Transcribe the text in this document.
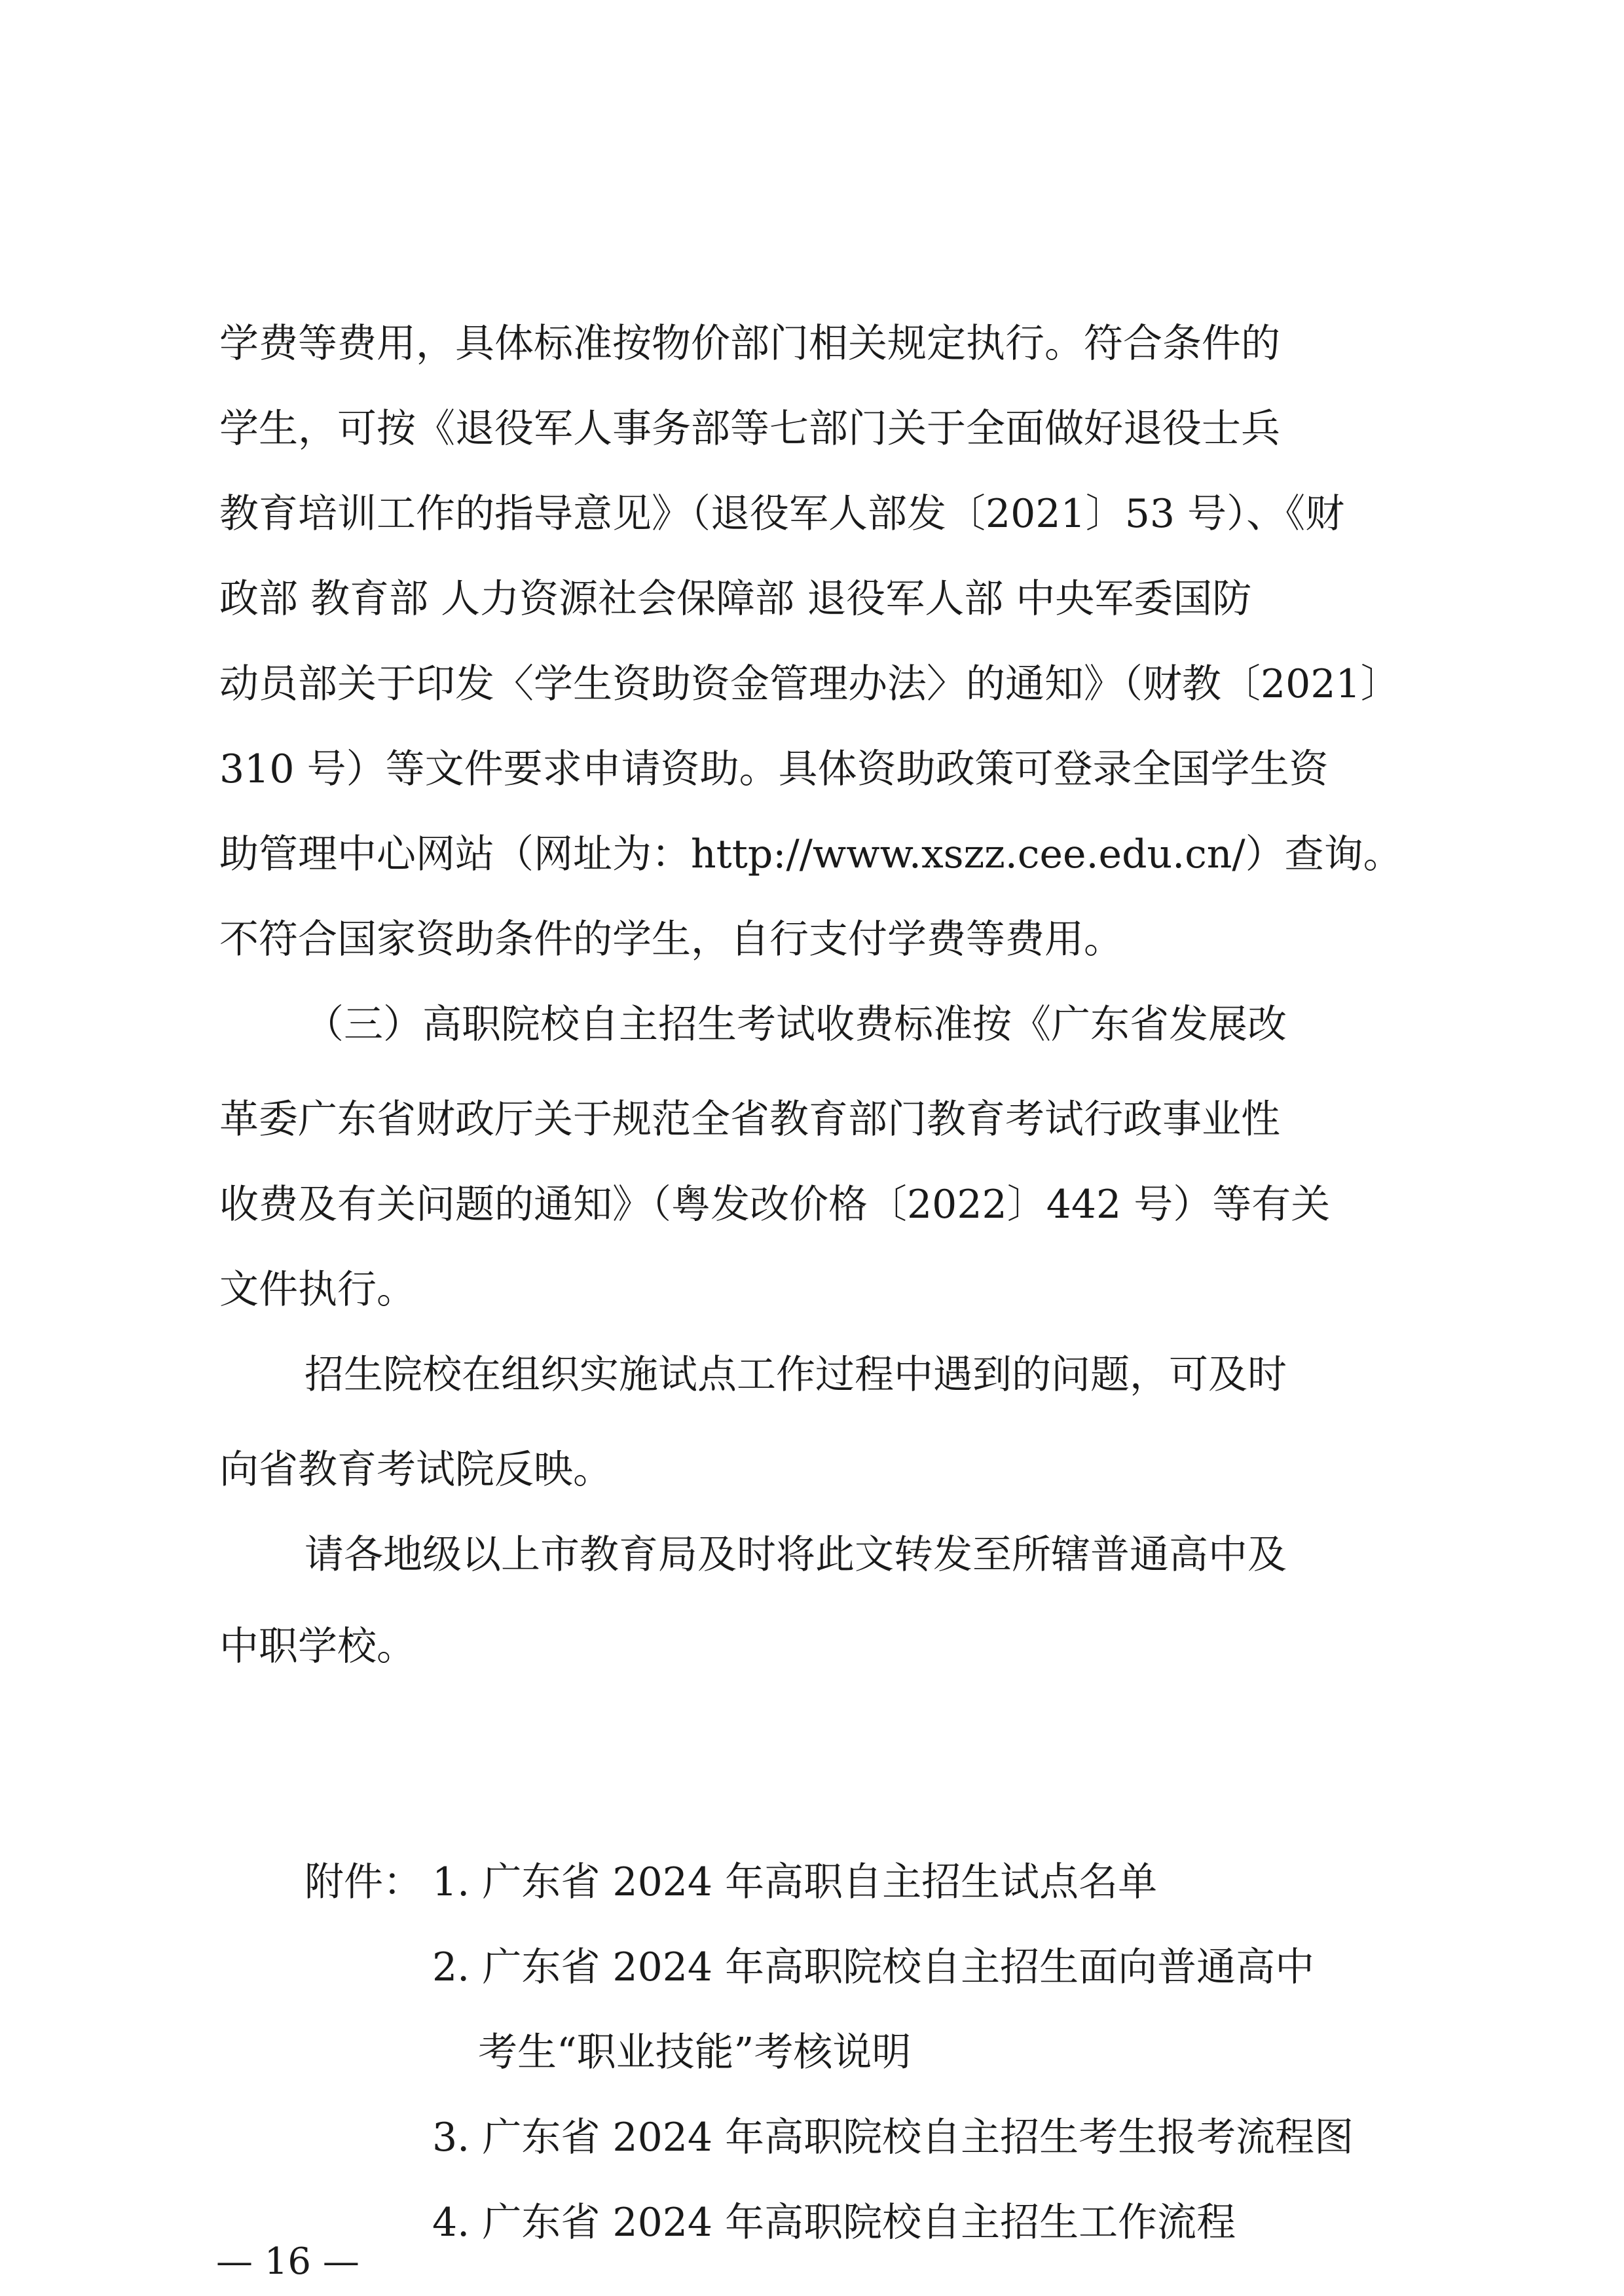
学费等费用，具体标准按物价部门相关规定执行。符合条件的
学生，可按《退役军人事务部等七部门关于全面做好退役士兵
教育培训工作的指导意见》（退役军人部发〔2021〕53 号）、《财
政部 教育部 人力资源社会保障部 退役军人部 中央军委国防
动员部关于印发〈学生资助资金管理办法〉的通知》（财教〔2021〕
310 号）等文件要求申请资助。具体资助政策可登录全国学生资
助管理中心网站（网址为：http://www.xszz.cee.edu.cn/）查询。
不符合国家资助条件的学生，自行支付学费等费用。
（三）高职院校自主招生考试收费标准按《广东省发展改
革委广东省财政厅关于规范全省教育部门教育考试行政事业性
收费及有关问题的通知》（粤发改价格〔2022〕442 号）等有关
文件执行。
招生院校在组织实施试点工作过程中遇到的问题，可及时
向省教育考试院反映。
请各地级以上市教育局及时将此文转发至所辖普通高中及
中职学校。
附件： 1. 广东省 2024 年高职自主招生试点名单
2. 广东省 2024 年高职院校自主招生面向普通高中
考生“职业技能”考核说明
3. 广东省 2024 年高职院校自主招生考生报考流程图
4. 广东省 2024 年高职院校自主招生工作流程
— 16 —
